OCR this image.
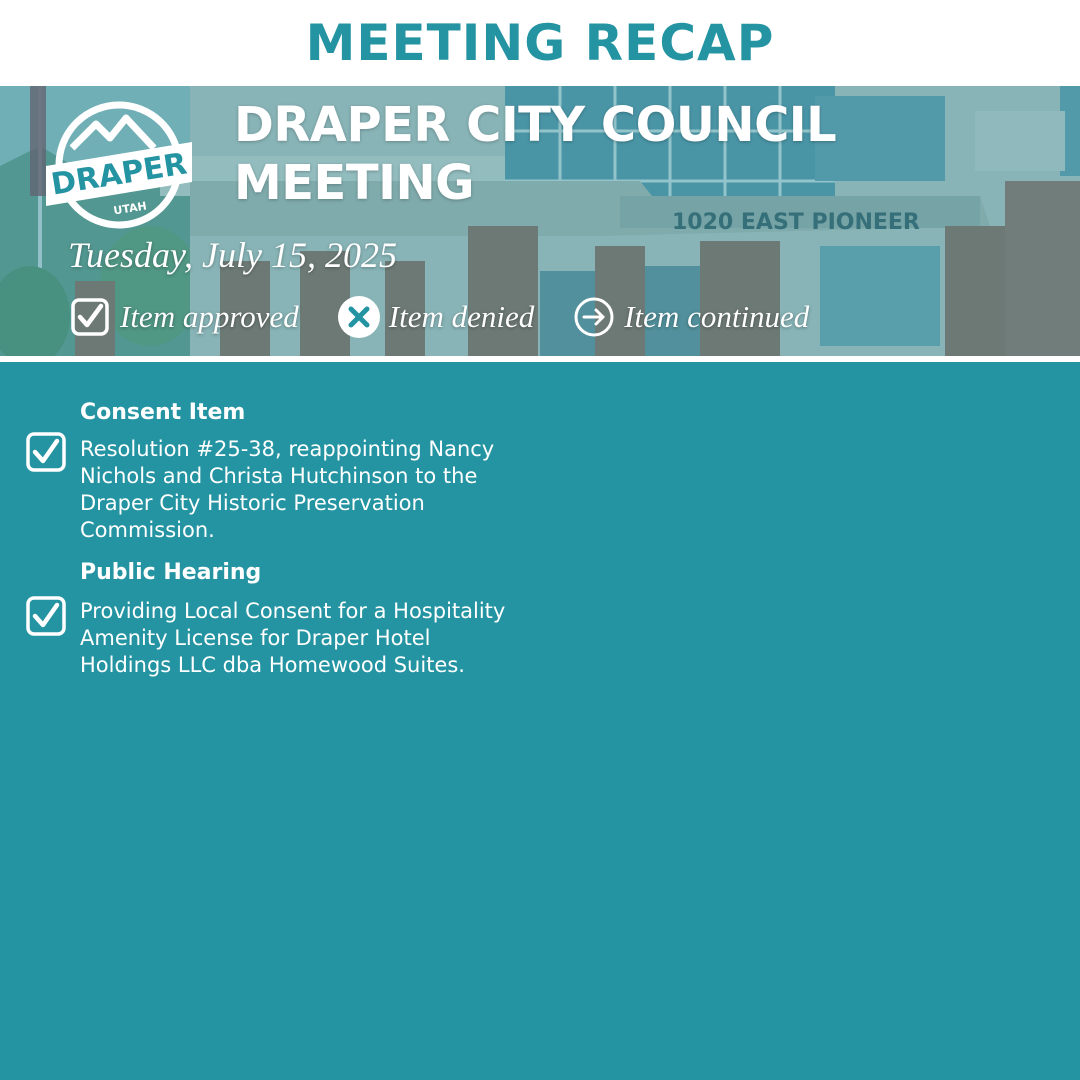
MEETING RECAP
1020 EAST PIONEER
DRAPER
UTAH
DRAPER CITY COUNCIL
MEETING
Tuesday, July 15, 2025
Item approved	Item denied	Item continued
Consent Item

Resolution #25-38, reappointing Nancy Nichols and Christa Hutchinson to the Draper City Historic Preservation Commission.

Public Hearing

Providing Local Consent for a Hospitality Amenity License for Draper Hotel Holdings LLC dba Homewood Suites.
